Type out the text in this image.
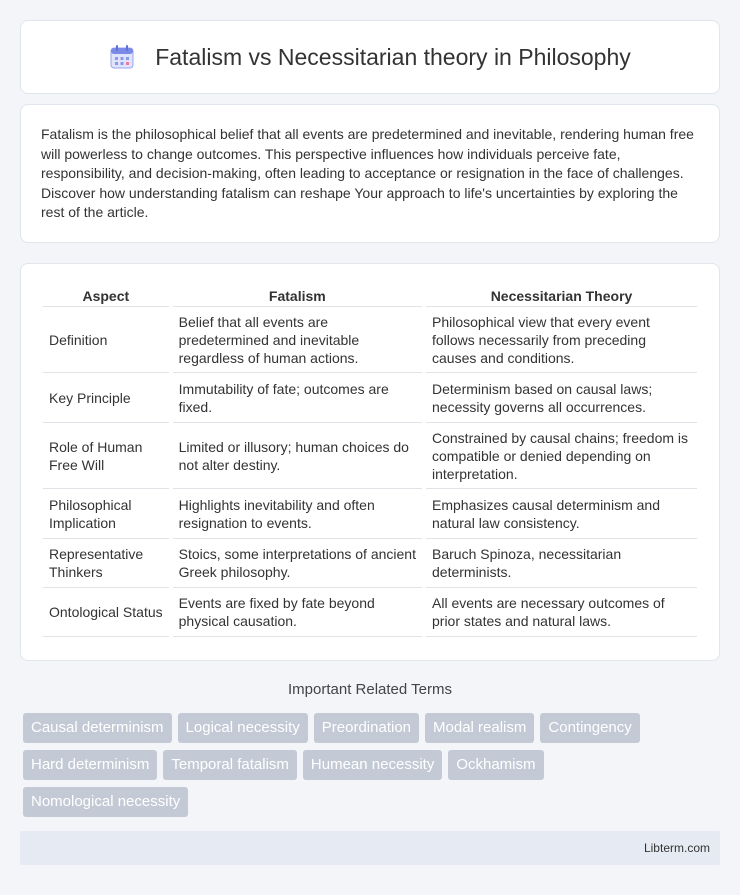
Fatalism vs Necessitarian theory in Philosophy

Fatalism is the philosophical belief that all events are predetermined and inevitable, rendering human free will powerless to change outcomes. This perspective influences how individuals perceive fate, responsibility, and decision-making, often leading to acceptance or resignation in the face of challenges. Discover how understanding fatalism can reshape Your approach to life's uncertainties by exploring the rest of the article.

Aspect	Fatalism	Necessitarian Theory
Definition	Belief that all events are predetermined and inevitable regardless of human actions.	Philosophical view that every event follows necessarily from preceding causes and conditions.
Key Principle	Immutability of fate; outcomes are fixed.	Determinism based on causal laws; necessity governs all occurrences.
Role of Human Free Will	Limited or illusory; human choices do not alter destiny.	Constrained by causal chains; freedom is compatible or denied depending on interpretation.
Philosophical Implication	Highlights inevitability and often resignation to events.	Emphasizes causal determinism and natural law consistency.
Representative Thinkers	Stoics, some interpretations of ancient Greek philosophy.	Baruch Spinoza, necessitarian determinists.
Ontological Status	Events are fixed by fate beyond physical causation.	All events are necessary outcomes of prior states and natural laws.
Important Related Terms
Causal determinism	Logical necessity	Preordination	Modal realism	Contingency
Hard determinism	Temporal fatalism	Humean necessity	Ockhamism
Nomological necessity
Libterm.com
